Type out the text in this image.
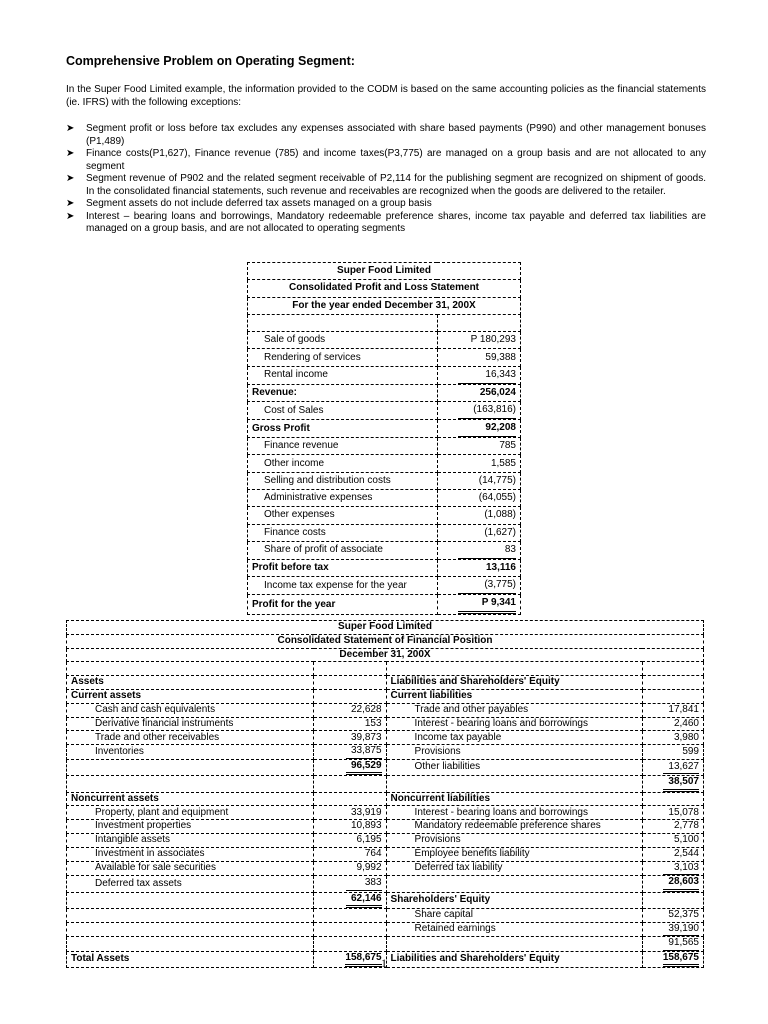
Comprehensive Problem on Operating Segment:
In the Super Food Limited example, the information provided to the CODM is based on the same accounting policies as the financial statements (ie. IFRS) with the following exceptions:
➤ Segment profit or loss before tax excludes any expenses associated with share based payments (P990) and other management bonuses (P1,489)
➤ Finance costs(P1,627), Finance revenue (785) and income taxes(P3,775) are managed on a group basis and are not allocated to any segment
➤ Segment revenue of P902 and the related segment receivable of P2,114 for the publishing segment are recognized on shipment of goods. In the consolidated financial statements, such revenue and receivables are recognized when the goods are delivered to the retailer.
➤ Segment assets do not include deferred tax assets managed on a group basis
➤ Interest – bearing loans and borrowings, Mandatory redeemable preference shares, income tax payable and deferred tax liabilities are managed on a group basis, and are not allocated to operating segments
Super Food Limited	
Consolidated Profit and Loss Statement	
For the year ended December 31, 200X	

Sale of goods	P 180,293
Rendering of services	59,388
Rental income	16,343
Revenue:	256,024
Cost of Sales	(163,816)
Gross Profit	92,208
Finance revenue	785
Other income	1,585
Selling and distribution costs	(14,775)
Administrative expenses	(64,055)
Other expenses	(1,088)
Finance costs	(1,627)
Share of profit of associate	83
Profit before tax	13,116
Income tax expense for the year	(3,775)
Profit for the year	P 9,341
Super Food Limited			
Consolidated Statement of Financial Position			
December 31, 200X			

Assets		Liabilities and Shareholders' Equity	
Current assets		Current liabilities	
Cash and cash equivalents	22,628	Trade and other payables	17,841
Derivative financial instruments	153	Interest - bearing loans and borrowings	2,460
Trade and other receivables	39,873	Income tax payable	3,980
Inventories	33,875	Provisions	599
	96,529	Other liabilities	13,627
			38,507
Noncurrent assets		Noncurrent liabilities	
Property, plant and equipment	33,919	Interest - bearing loans and borrowings	15,078
Investment properties	10,893	Mandatory redeemable preference shares	2,778
Intangible assets	6,195	Provisions	5,100
Investment in associates	764	Employee benefits liability	2,544
Available for sale securities	9,992	Deferred tax liability	3,103
Deferred tax assets	383		28,603
	62,146	Shareholders' Equity	
		Share capital	52,375
		Retained earnings	39,190
			91,565
Total Assets	158,675	Liabilities and Shareholders' Equity	158,675
1
